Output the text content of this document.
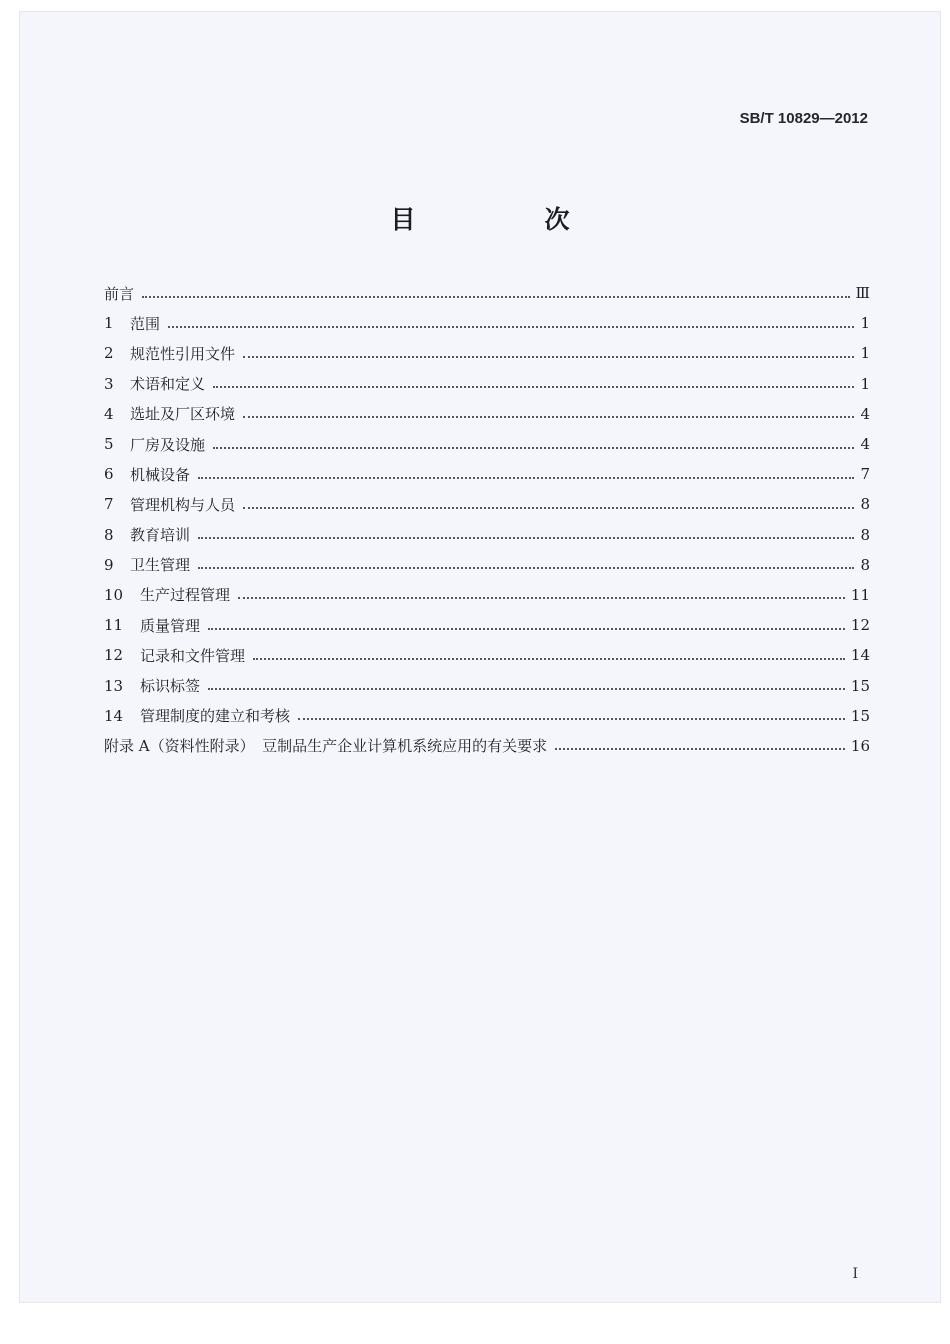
SB/T 10829—2012
目　次
前言	Ⅲ
1	范围	1
2	规范性引用文件	1
3	术语和定义	1
4	选址及厂区环境	4
5	厂房及设施	4
6	机械设备	7
7	管理机构与人员	8
8	教育培训	8
9	卫生管理	8
10	生产过程管理	11
11	质量管理	12
12	记录和文件管理	14
13	标识标签	15
14	管理制度的建立和考核	15
附录 A（资料性附录）　豆制品生产企业计算机系统应用的有关要求	16
I
